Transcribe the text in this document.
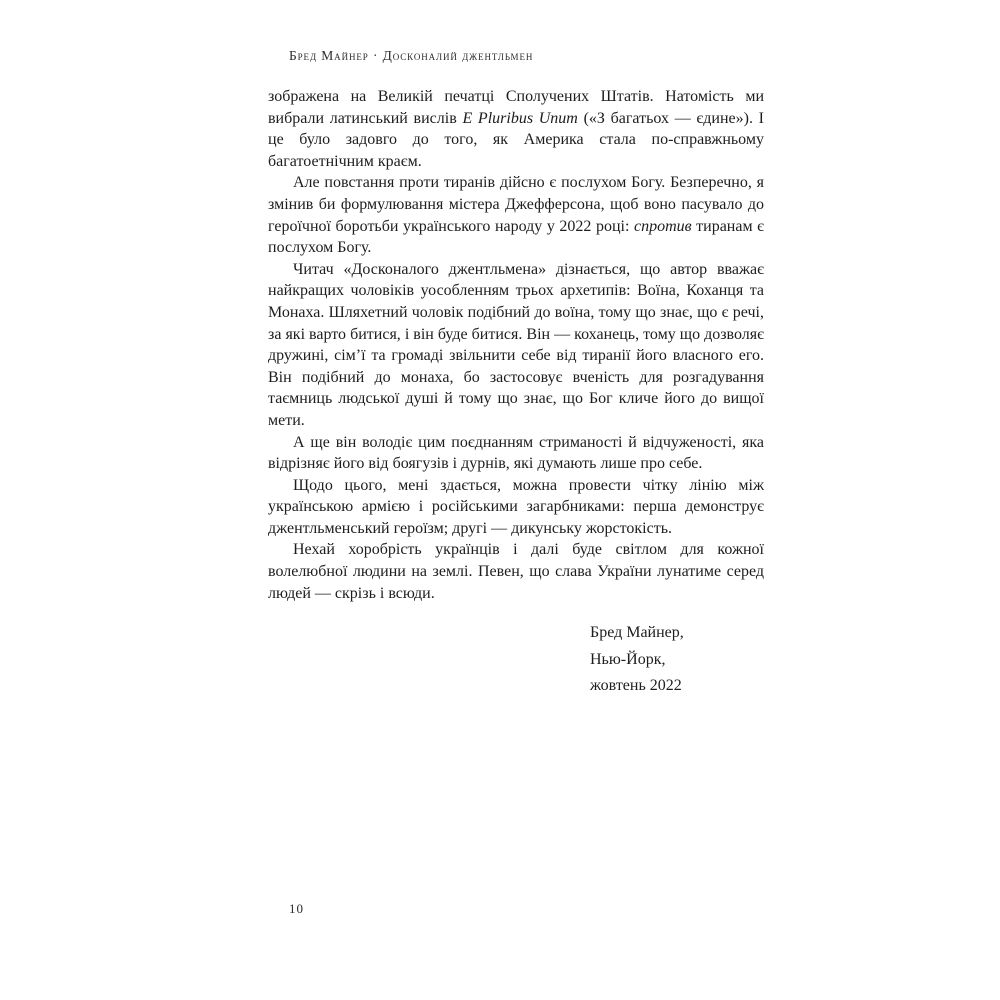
Бред Майнер · Досконалий джентльмен

зображена на Великій печатці Сполучених Штатів. Натомість ми вибрали латинський вислів E Pluribus Unum («З багатьох — єдине»). І це було задовго до того, як Америка стала по-справжньому багатоетнічним краєм.

Але повстання проти тиранів дійсно є послухом Богу. Безперечно, я змінив би формулювання містера Джефферсона, щоб воно пасувало до героїчної боротьби українського народу у 2022 році: спротив тиранам є послухом Богу.

Читач «Досконалого джентльмена» дізнається, що автор вважає найкращих чоловіків уособленням трьох архетипів: Воїна, Коханця та Монаха. Шляхетний чоловік подібний до воїна, тому що знає, що є речі, за які варто битися, і він буде битися. Він — коханець, тому що дозволяє дружині, сім’ї та громаді звільнити себе від тиранії його власного его. Він подібний до монаха, бо застосовує вченість для розгадування таємниць людської душі й тому що знає, що Бог кличе його до вищої мети.

А ще він володіє цим поєднанням стриманості й відчуженості, яка відрізняє його від боягузів і дурнів, які думають лише про себе.

Щодо цього, мені здається, можна провести чітку лінію між українською армією і російськими загарбниками: перша демонструє джентльменський героїзм; другі — дикунську жорстокість.

Нехай хоробрість українців і далі буде світлом для кожної волелюбної людини на землі. Певен, що слава України лунатиме серед людей — скрізь і всюди.

Бред Майнер,
Нью-Йорк,
жовтень 2022
10
